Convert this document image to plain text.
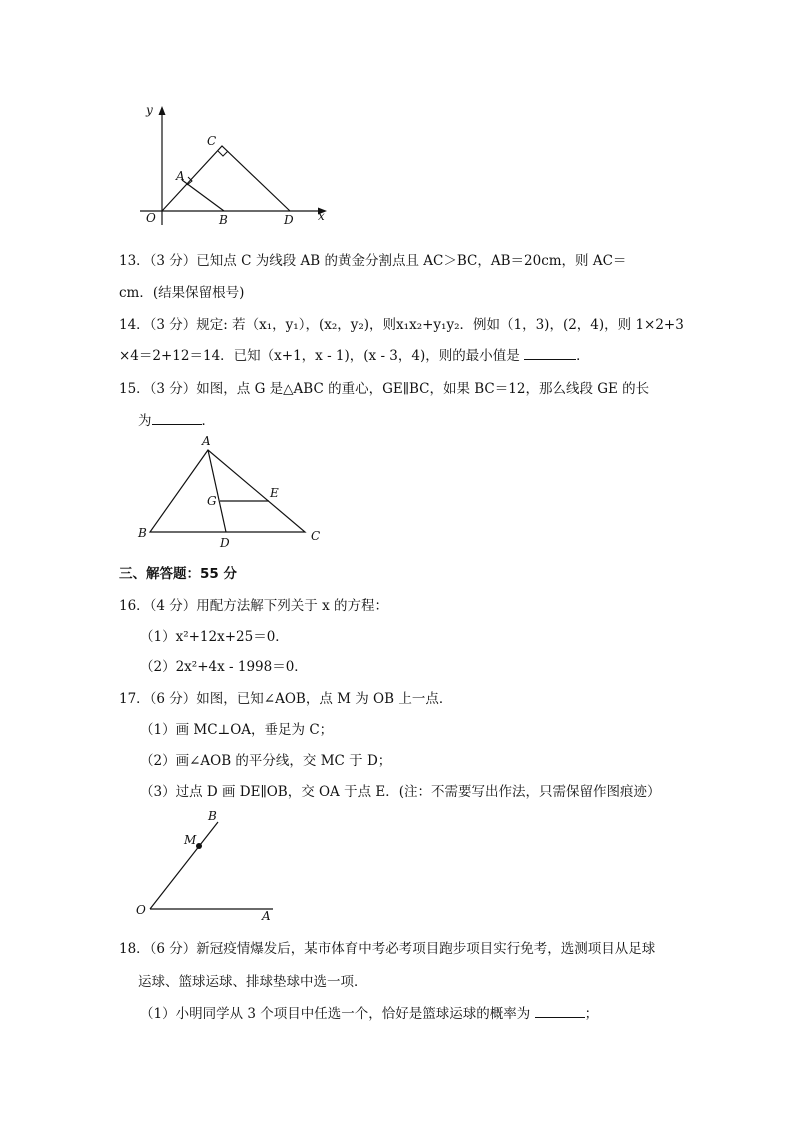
y
x
O
A
B
C
D
13．（3 分）已知点 C 为线段 AB 的黄金分割点且 AC＞BC，AB＝20cm，则 AC＝
cm．(结果保留根号)
14．（3 分）规定: 若（x₁，y₁），(x₂，y₂)，则x₁x₂+y₁y₂．例如（1，3)，(2，4)，则 1×2+3
×4＝2+12＝14．已知（x+1，x - 1)，(x - 3，4)，则的最小值是	．
15．（3 分）如图，点 G 是△ABC 的重心，GE∥BC，如果 BC＝12，那么线段 GE 的长
为	．
A
B	C
D
E
G
三、解答题：55 分
16．（4 分）用配方法解下列关于 x 的方程：
（1）x²+12x+25＝0．
（2）2x²+4x - 1998＝0．
17．（6 分）如图，已知∠AOB，点 M 为 OB 上一点．
（1）画 MC⊥OA，垂足为 C；
（2）画∠AOB 的平分线，交 MC 于 D；
（3）过点 D 画 DE∥OB，交 OA 于点 E．(注：不需要写出作法，只需保留作图痕迹）
B
M
O	A
18．（6 分）新冠疫情爆发后，某市体育中考必考项目跑步项目实行免考，选测项目从足球
运球、篮球运球、排球垫球中选一项．
（1）小明同学从 3 个项目中任选一个，恰好是篮球运球的概率为	；
